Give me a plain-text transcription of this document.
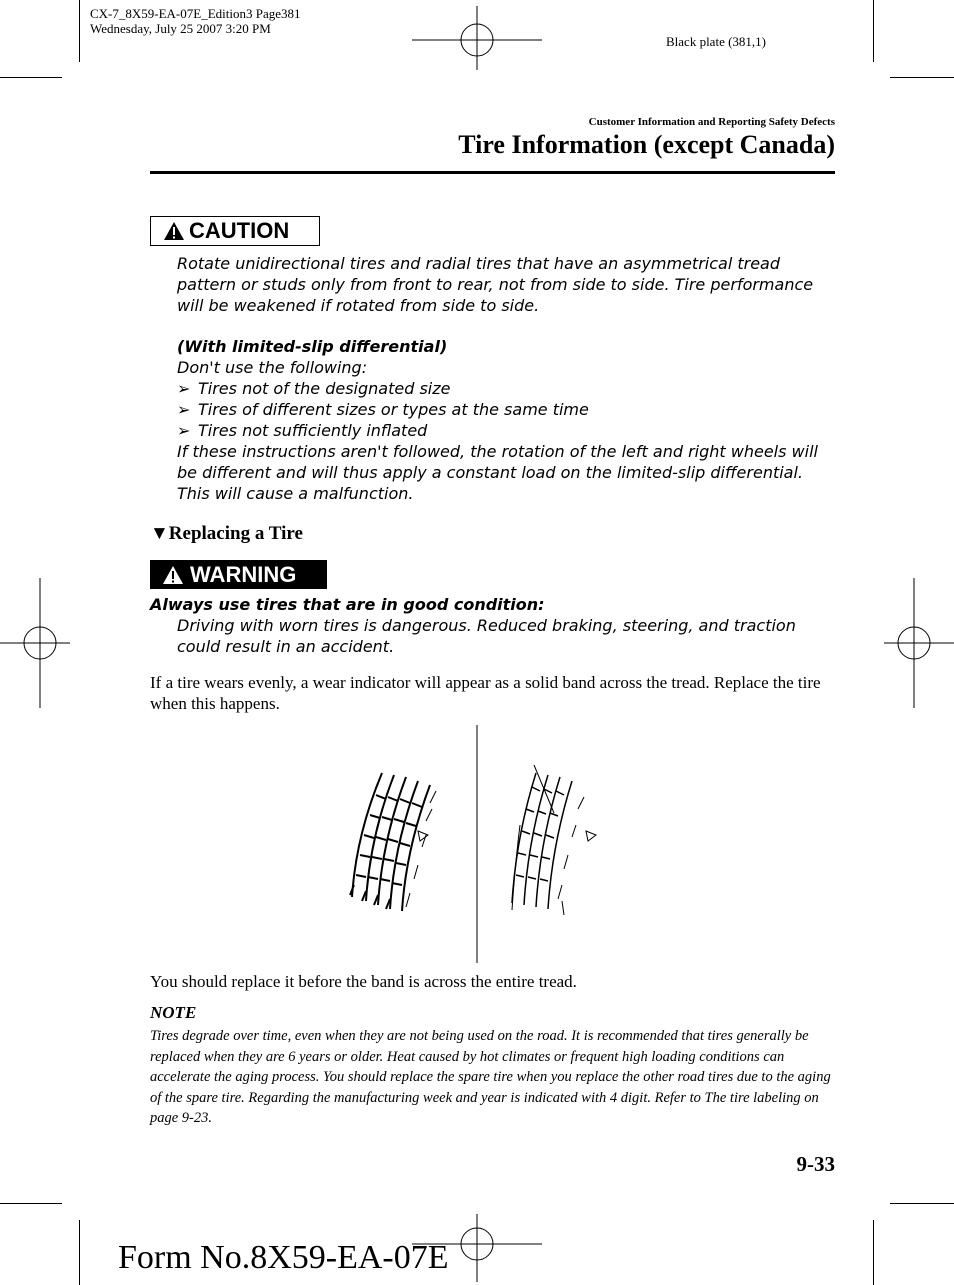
CX-7_8X59-EA-07E_Edition3 Page381
Wednesday, July 25 2007 3:20 PM
Black plate (381,1)
Customer Information and Reporting Safety Defects
Tire Information (except Canada)
CAUTION

Rotate unidirectional tires and radial tires that have an asymmetrical tread pattern or studs only from front to rear, not from side to side. Tire performance will be weakened if rotated from side to side.

(With limited-slip differential)

Don't use the following:

➢ Tires not of the designated size
➢ Tires of different sizes or types at the same time
➢ Tires not sufficiently inflated

If these instructions aren't followed, the rotation of the left and right wheels will be different and will thus apply a constant load on the limited-slip differential.

This will cause a malfunction.

▼Replacing a Tire
WARNING
Always use tires that are in good condition:
Driving with worn tires is dangerous. Reduced braking, steering, and traction could result in an accident.
If a tire wears evenly, a wear indicator will appear as a solid band across the tread. Replace the tire when this happens.
You should replace it before the band is across the entire tread.
NOTE
Tires degrade over time, even when they are not being used on the road. It is recommended that tires generally be replaced when they are 6 years or older. Heat caused by hot climates or frequent high loading conditions can accelerate the aging process. You should replace the spare tire when you replace the other road tires due to the aging of the spare tire. Regarding the manufacturing week and year is indicated with 4 digit. Refer to The tire labeling on page 9-23.
9-33
Form No.8X59-EA-07E
